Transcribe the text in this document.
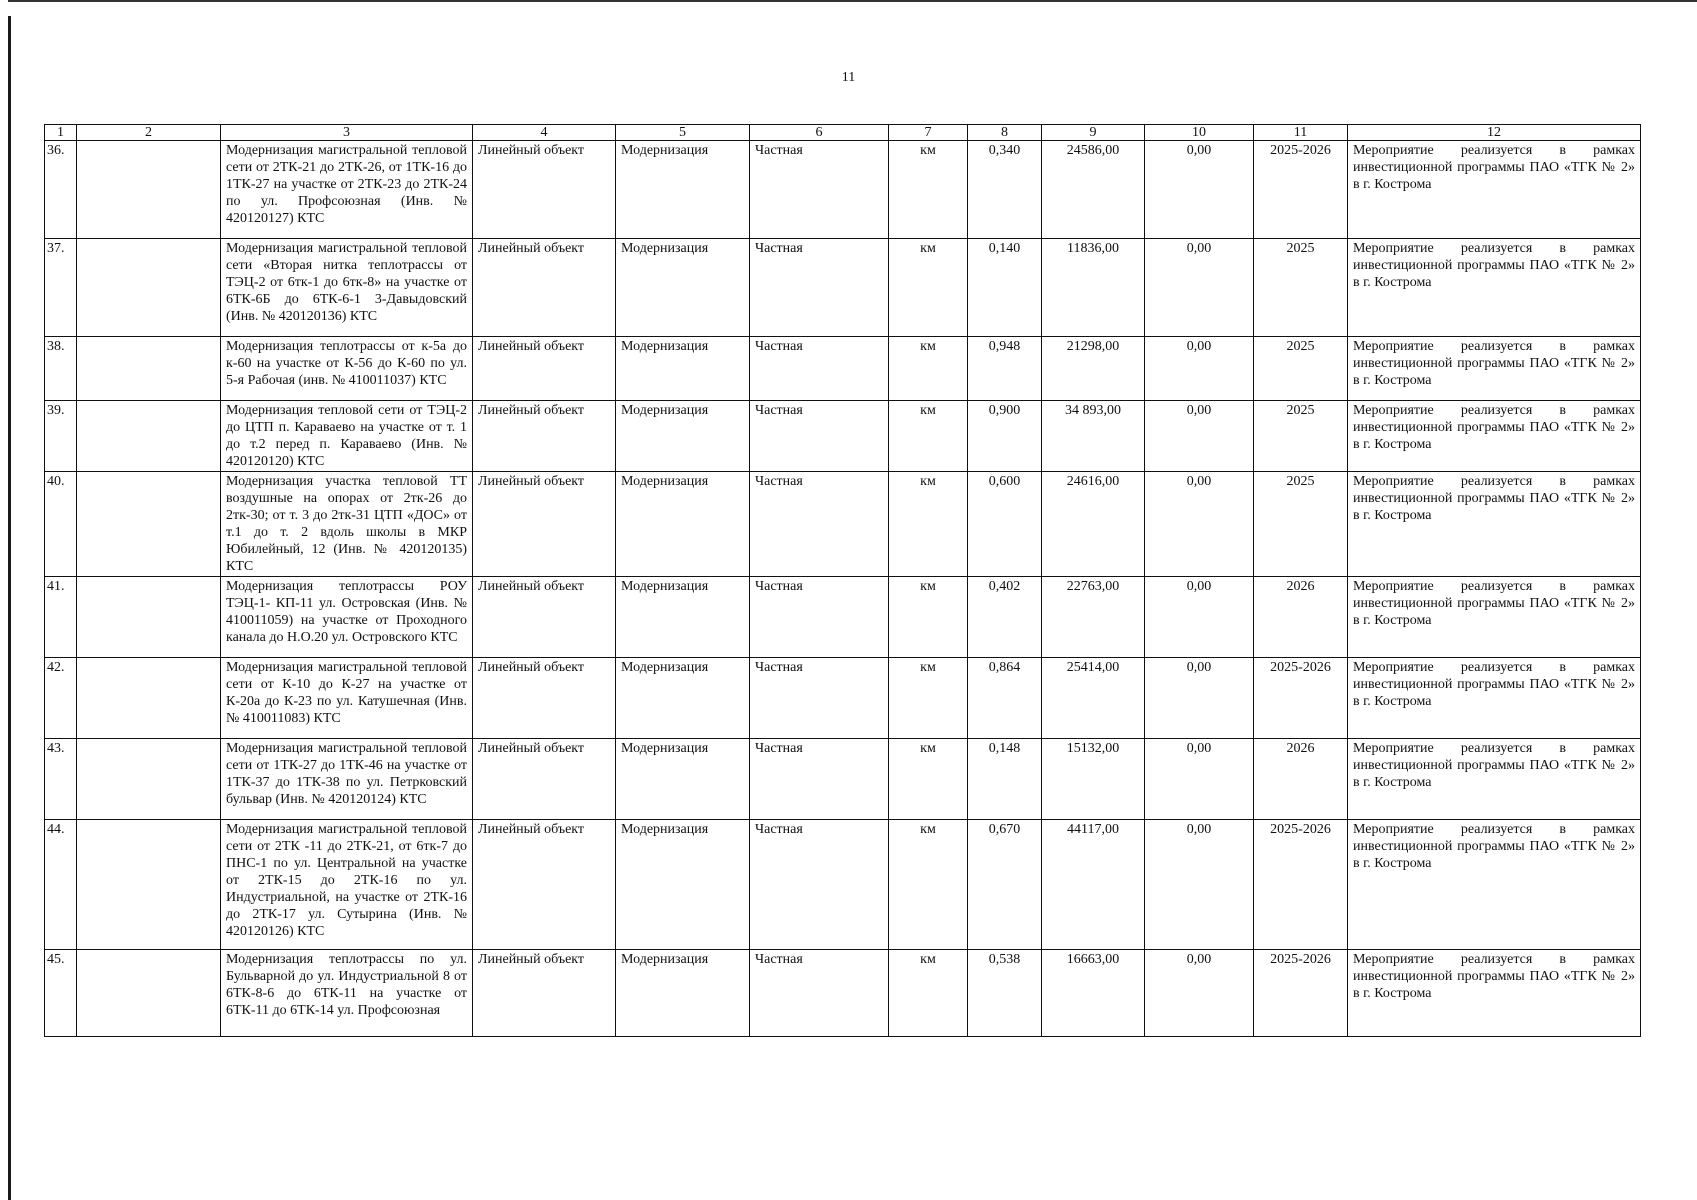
11
1	2	3	4	5	6	7	8	9	10	11	12
36.		Модернизация магистральной тепловой сети от 2ТК-21 до 2ТК-26, от 1ТК-16 до 1ТК-27 на участке от 2ТК-23 до 2ТК-24 по ул. Профсоюзная (Инв. № 420120127) КТС	Линейный объект	Модернизация	Частная	км	0,340	24586,00	0,00	2025-2026	Мероприятие реализуется в рамках инвестиционной программы ПАО «ТГК № 2» в г. Кострома
37.		Модернизация магистральной тепловой сети «Вторая нитка теплотрассы от ТЭЦ-2 от 6тк-1 до 6тк-8» на участке от 6ТК-6Б до 6ТК-6-1 3-Давыдовский (Инв. № 420120136) КТС	Линейный объект	Модернизация	Частная	км	0,140	11836,00	0,00	2025	Мероприятие реализуется в рамках инвестиционной программы ПАО «ТГК № 2» в г. Кострома
38.		Модернизация теплотрассы от к-5а до к-60 на участке от К-56 до К-60 по ул. 5-я Рабочая (инв. № 410011037) КТС	Линейный объект	Модернизация	Частная	км	0,948	21298,00	0,00	2025	Мероприятие реализуется в рамках инвестиционной программы ПАО «ТГК № 2» в г. Кострома
39.		Модернизация тепловой сети от ТЭЦ-2 до ЦТП п. Караваево на участке от т. 1 до т.2 перед п. Караваево (Инв. № 420120120) КТС	Линейный объект	Модернизация	Частная	км	0,900	34 893,00	0,00	2025	Мероприятие реализуется в рамках инвестиционной программы ПАО «ТГК № 2» в г. Кострома
40.		Модернизация участка тепловой ТТ воздушные на опорах от 2тк-26 до 2тк-30; от т. 3 до 2тк-31 ЦТП «ДОС» от т.1 до т. 2 вдоль школы в МКР Юбилейный, 12 (Инв. № 420120135) КТС	Линейный объект	Модернизация	Частная	км	0,600	24616,00	0,00	2025	Мероприятие реализуется в рамках инвестиционной программы ПАО «ТГК № 2» в г. Кострома
41.		Модернизация теплотрассы РОУ ТЭЦ-1- КП-11 ул. Островская (Инв. № 410011059) на участке от Проходного канала до Н.О.20 ул. Островского КТС	Линейный объект	Модернизация	Частная	км	0,402	22763,00	0,00	2026	Мероприятие реализуется в рамках инвестиционной программы ПАО «ТГК № 2» в г. Кострома
42.		Модернизация магистральной тепловой сети от К-10 до К-27 на участке от К-20а до К-23 по ул. Катушечная (Инв. № 410011083) КТС	Линейный объект	Модернизация	Частная	км	0,864	25414,00	0,00	2025-2026	Мероприятие реализуется в рамках инвестиционной программы ПАО «ТГК № 2» в г. Кострома
43.		Модернизация магистральной тепловой сети от 1ТК-27 до 1ТК-46 на участке от 1ТК-37 до 1ТК-38 по ул. Петрковский бульвар (Инв. № 420120124) КТС	Линейный объект	Модернизация	Частная	км	0,148	15132,00	0,00	2026	Мероприятие реализуется в рамках инвестиционной программы ПАО «ТГК № 2» в г. Кострома
44.		Модернизация магистральной тепловой сети от 2ТК -11 до 2ТК-21, от 6тк-7 до ПНС-1 по ул. Центральной на участке от 2ТК-15 до 2ТК-16 по ул. Индустриальной, на участке от 2ТК-16 до 2ТК-17 ул. Сутырина (Инв. № 420120126) КТС	Линейный объект	Модернизация	Частная	км	0,670	44117,00	0,00	2025-2026	Мероприятие реализуется в рамках инвестиционной программы ПАО «ТГК № 2» в г. Кострома
45.		Модернизация теплотрассы по ул. Бульварной до ул. Индустриальной 8 от 6ТК-8-6 до 6ТК-11 на участке от 6ТК-11 до 6ТК-14 ул. Профсоюзная	Линейный объект	Модернизация	Частная	км	0,538	16663,00	0,00	2025-2026	Мероприятие реализуется в рамках инвестиционной программы ПАО «ТГК № 2» в г. Кострома
